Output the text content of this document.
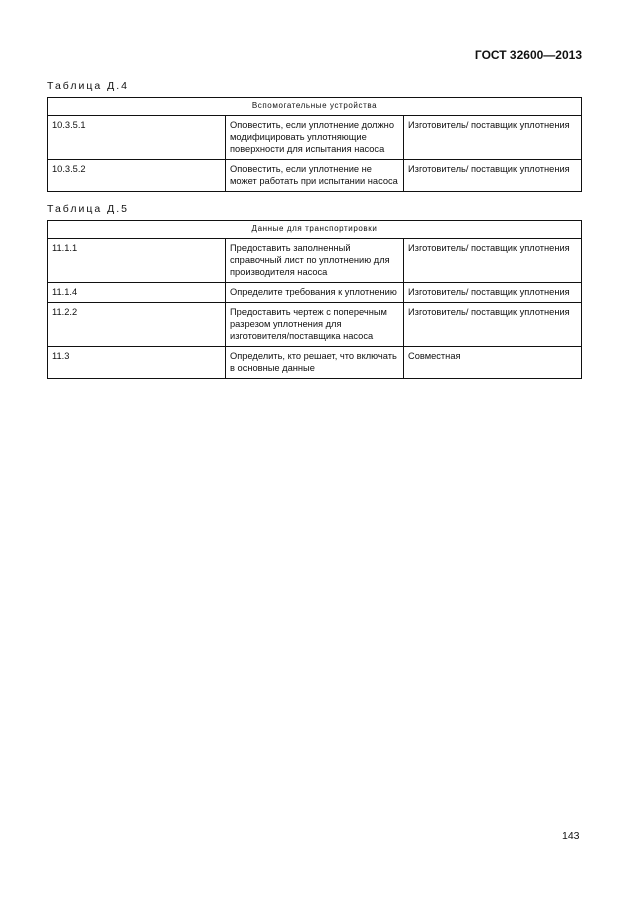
ГОСТ 32600—2013
Таблица Д.4
Вспомогательные устройства		
10.3.5.1	Оповестить, если уплотнение должно модифицировать уплотняющие поверхности для испытания насоса	Изготовитель/ поставщик уплотнения
10.3.5.2	Оповестить, если уплотнение не может работать при испытании насоса	Изготовитель/ поставщик уплотнения
Таблица Д.5
Данные для транспортировки		
11.1.1	Предоставить заполненный справочный лист по уплотнению для производителя насоса	Изготовитель/ поставщик уплотнения
11.1.4	Определите требования к уплотнению	Изготовитель/ поставщик уплотнения
11.2.2	Предоставить чертеж с поперечным разрезом уплотнения для изготовителя/поставщика насоса	Изготовитель/ поставщик уплотнения
11.3	Определить, кто решает, что включать в основные данные	Совместная
143
